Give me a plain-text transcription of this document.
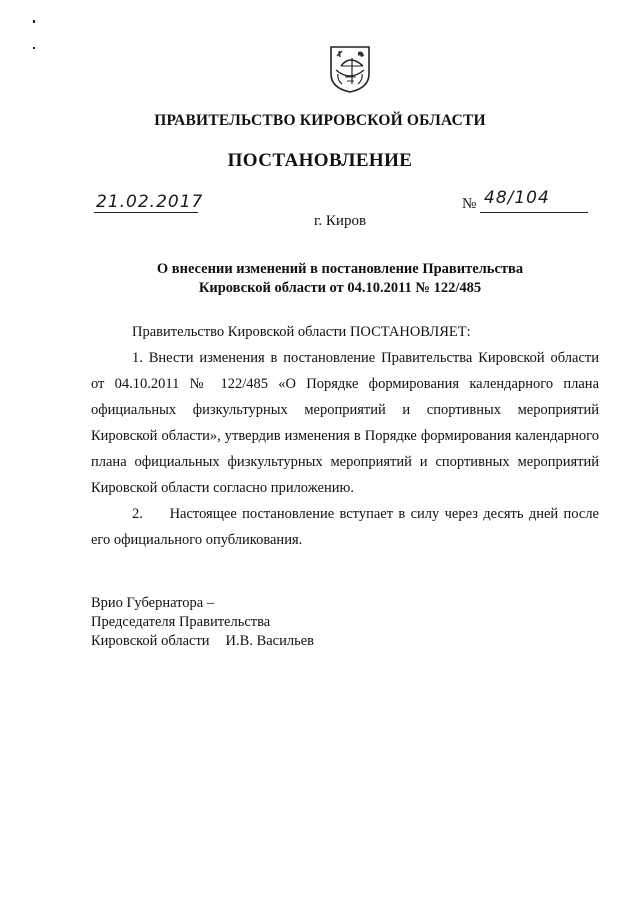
ПРАВИТЕЛЬСТВО КИРОВСКОЙ ОБЛАСТИ
ПОСТАНОВЛЕНИЕ
21.02.2017	№ 48/104
г. Киров
О внесении изменений в постановление Правительства
Кировской области от 04.10.2011 № 122/485

Правительство Кировской области ПОСТАНОВЛЯЕТ:

1. Внести изменения в постановление Правительства Кировской области от 04.10.2011 № 122/485 «О Порядке формирования календарного плана официальных физкультурных мероприятий и спортивных мероприятий Кировской области», утвердив изменения в Порядке формирования календарного плана официальных физкультурных мероприятий и спортивных мероприятий Кировской области согласно приложению.

2.     Настоящее постановление вступает в силу через десять дней после его официального опубликования.

Врио Губернатора –
Председателя Правительства
Кировской области И.В. Васильев
